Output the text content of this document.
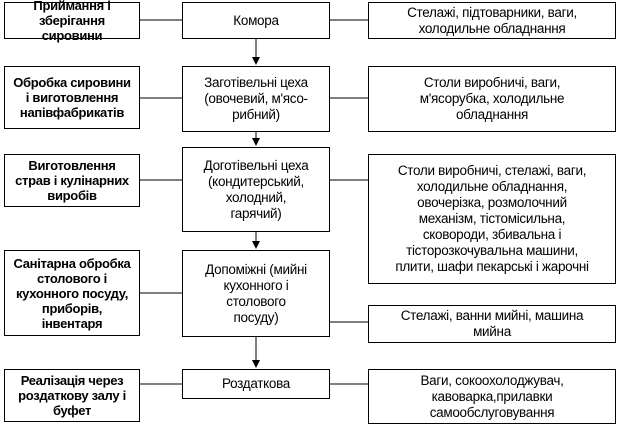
Приймання і
зберігання
сировини
Комора
Стелажі, підтоварники, ваги,
холодильне обладнання
Обробка сировини
і виготовлення
напівфабрикатів
Заготівельні цеха
(овочевий, м'ясо-
рибний)
Столи виробничі, ваги,
м'ясорубка, холодильне
обладнання
Виготовлення
страв і кулінарних
виробів
Доготівельні цеха
(кондитерський,
холодний,
гарячий)
Столи виробничі, стелажі, ваги,
холодильне обладнання,
овочерізка, розмолочний
механізм, тістомісильна,
сковороди, збивальна і
тісторозкочувальна машини,
плити, шафи пекарські і жарочні
Санітарна обробка
столового і
кухонного посуду,
приборів,
інвентаря
Допоміжні (мийні
кухонного і
столового
посуду)	Стелажі, ванни мийні, машина
мийна
Реалізація через
роздаткову залу і
буфет
Роздаткова	Ваги, сокоохолоджувач,
кавоварка,прилавки
самообслуговування
